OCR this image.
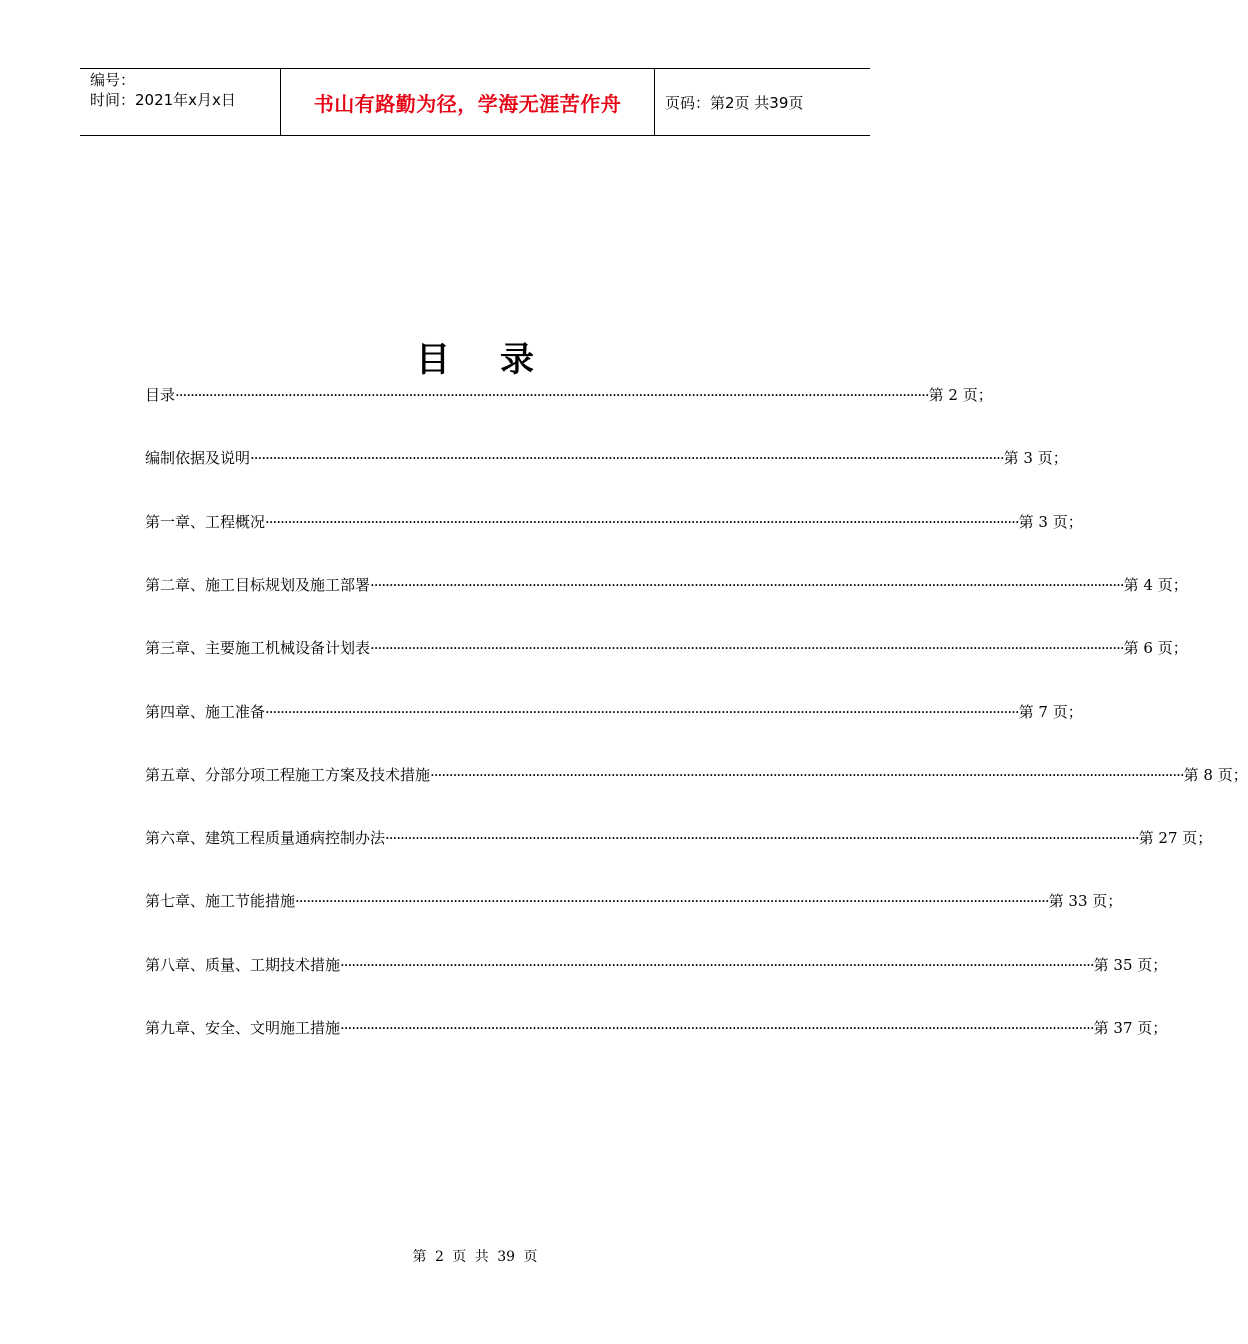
编号：
时间：2021年x月x日	书山有路勤为径，学海无涯苦作舟	页码：第2页 共39页
目录
目录 ········································································································································································································ 第 2 页；
编制依据及说明 ········································································································································································································ 第 3 页；
第一章、工程概况 ········································································································································································································ 第 3 页；
第二章、施工目标规划及施工部署 ········································································································································································································ 第 4 页；
第三章、主要施工机械设备计划表 ········································································································································································································ 第 6 页；
第四章、施工准备 ········································································································································································································ 第 7 页；
第五章、分部分项工程施工方案及技术措施 ········································································································································································································ 第 8 页；
第六章、建筑工程质量通病控制办法 ········································································································································································································ 第 27 页；
第七章、施工节能措施 ········································································································································································································ 第 33 页；
第八章、质量、工期技术措施 ········································································································································································································ 第 35 页；
第九章、安全、文明施工措施 ········································································································································································································ 第 37 页；
第 2 页 共 39 页
